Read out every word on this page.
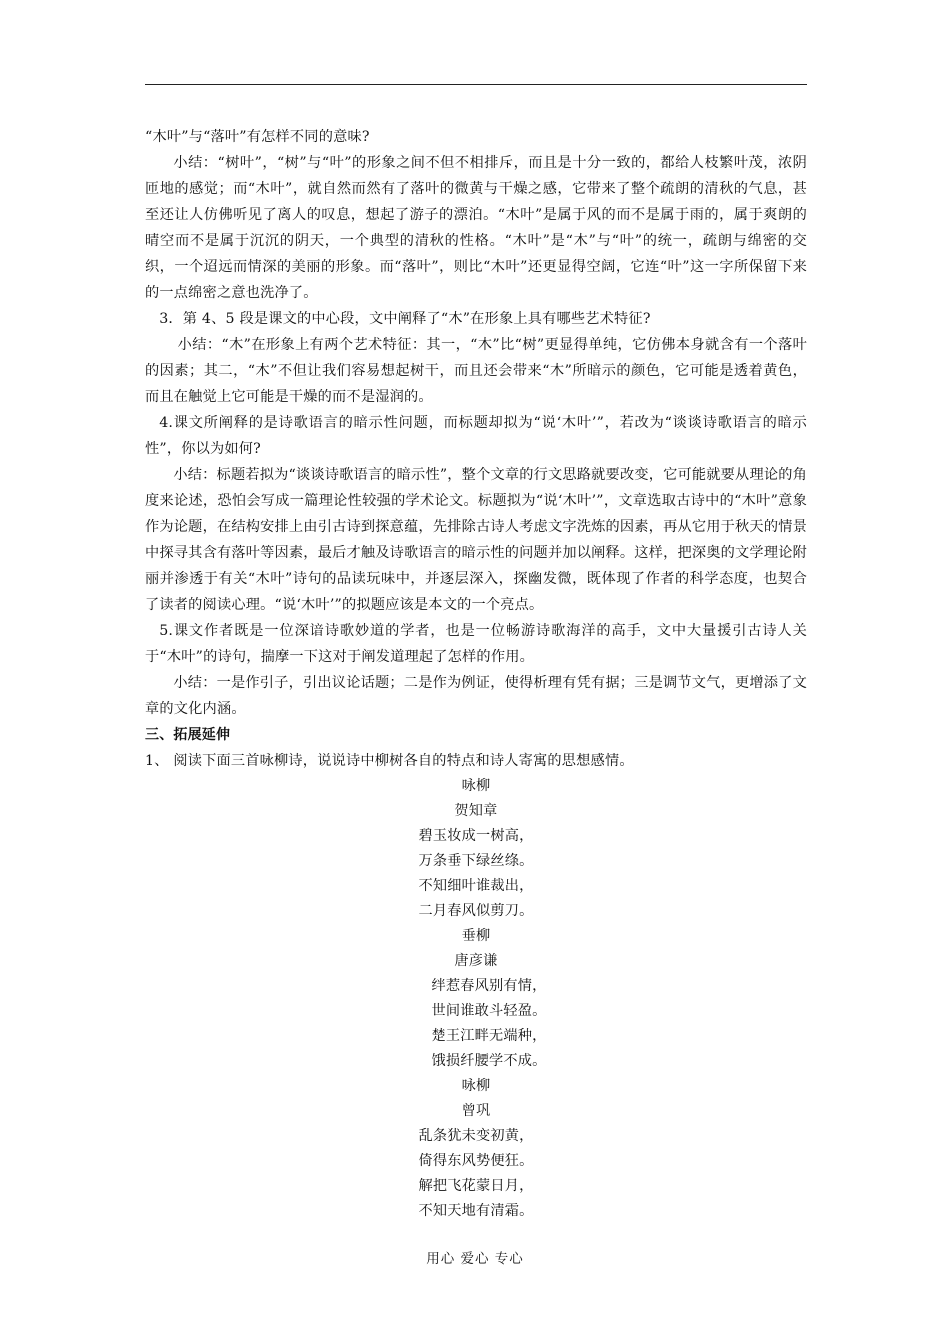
“木叶”与“落叶”有怎样不同的意味?

小结：“树叶”，“树”与“叶”的形象之间不但不相排斥，而且是十分一致的，都给人枝繁叶茂，浓阴匝地的感觉；而“木叶”，就自然而然有了落叶的微黄与干燥之感，它带来了整个疏朗的清秋的气息，甚至还让人仿佛听见了离人的叹息，想起了游子的漂泊。“木叶”是属于风的而不是属于雨的，属于爽朗的晴空而不是属于沉沉的阴天，一个典型的清秋的性格。“木叶”是“木”与“叶”的统一，疏朗与绵密的交织，一个迢远而情深的美丽的形象。而“落叶”，则比“木叶”还更显得空阔，它连“叶”这一字所保留下来的一点绵密之意也洗净了。

3．第 4、5 段是课文的中心段，文中阐释了“木”在形象上具有哪些艺术特征?

小结：“木”在形象上有两个艺术特征：其一，“木”比“树”更显得单纯，它仿佛本身就含有一个落叶的因素；其二，“木”不但让我们容易想起树干，而且还会带来“木”所暗示的颜色，它可能是透着黄色，而且在触觉上它可能是干燥的而不是湿润的。

4.课文所阐释的是诗歌语言的暗示性问题，而标题却拟为“说‘木叶’”，若改为“谈谈诗歌语言的暗示性”，你以为如何?

小结：标题若拟为“谈谈诗歌语言的暗示性”，整个文章的行文思路就要改变，它可能就要从理论的角度来论述，恐怕会写成一篇理论性较强的学术论文。标题拟为“说‘木叶’”，文章选取古诗中的“木叶”意象作为论题，在结构安排上由引古诗到探意蕴，先排除古诗人考虑文字洗炼的因素，再从它用于秋天的情景中探寻其含有落叶等因素，最后才触及诗歌语言的暗示性的问题并加以阐释。这样，把深奥的文学理论附丽并渗透于有关“木叶”诗句的品读玩味中，并逐层深入，探幽发微，既体现了作者的科学态度，也契合了读者的阅读心理。“说‘木叶’”的拟题应该是本文的一个亮点。

5.课文作者既是一位深谙诗歌妙道的学者，也是一位畅游诗歌海洋的高手，文中大量援引古诗人关于“木叶”的诗句，揣摩一下这对于阐发道理起了怎样的作用。

小结：一是作引子，引出议论话题；二是作为例证，使得析理有凭有据；三是调节文气，更增添了文章的文化内涵。

三、拓展延伸

1、 阅读下面三首咏柳诗，说说诗中柳树各自的特点和诗人寄寓的思想感情。

咏柳
贺知章
碧玉妆成一树高，
万条垂下绿丝绦。
不知细叶谁裁出，
二月春风似剪刀。
垂柳
唐彦谦
绊惹春风别有情，
世间谁敢斗轻盈。
楚王江畔无端种，
饿损纤腰学不成。
咏柳
曾巩
乱条犹未变初黄，
倚得东风势便狂。
解把飞花蒙日月，
不知天地有清霜。
用心 爱心 专心
